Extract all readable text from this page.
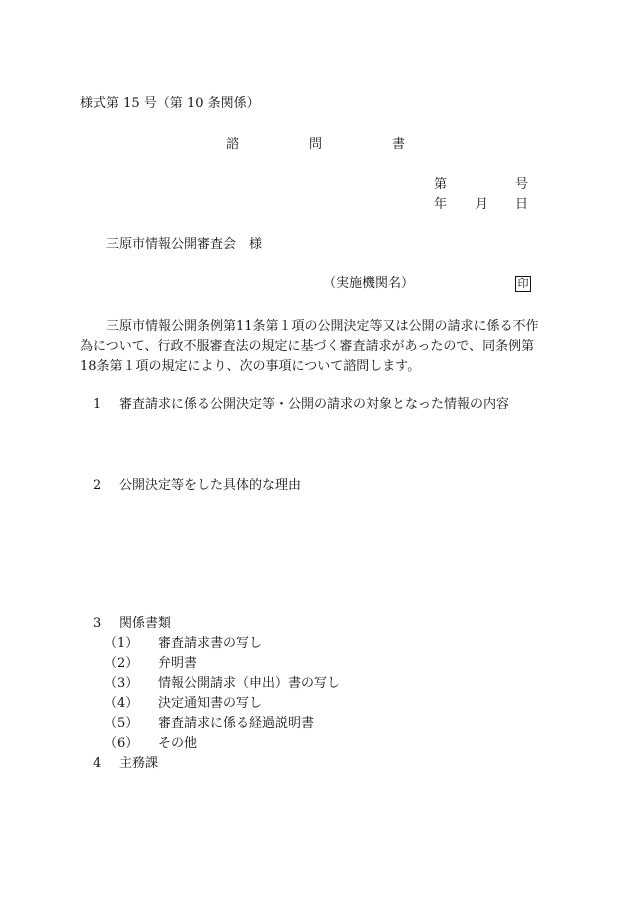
様式第 15 号（第 10 条関係）
諮	問	書
第	号
年 月 日
三原市情報公開審査会　様
（実施機関名）	印
三原市情報公開条例第11条第１項の公開決定等又は公開の請求に係る不作為について、行政不服審査法の規定に基づく審査請求があったので、同条例第18条第１項の規定により、次の事項について諮問します。
1 審査請求に係る公開決定等・公開の請求の対象となった情報の内容
2 公開決定等をした具体的な理由
3 関係書類
（1） 審査請求書の写し
（2） 弁明書
（3） 情報公開請求（申出）書の写し
（4） 決定通知書の写し
（5） 審査請求に係る経過説明書
（6） その他
4 主務課
